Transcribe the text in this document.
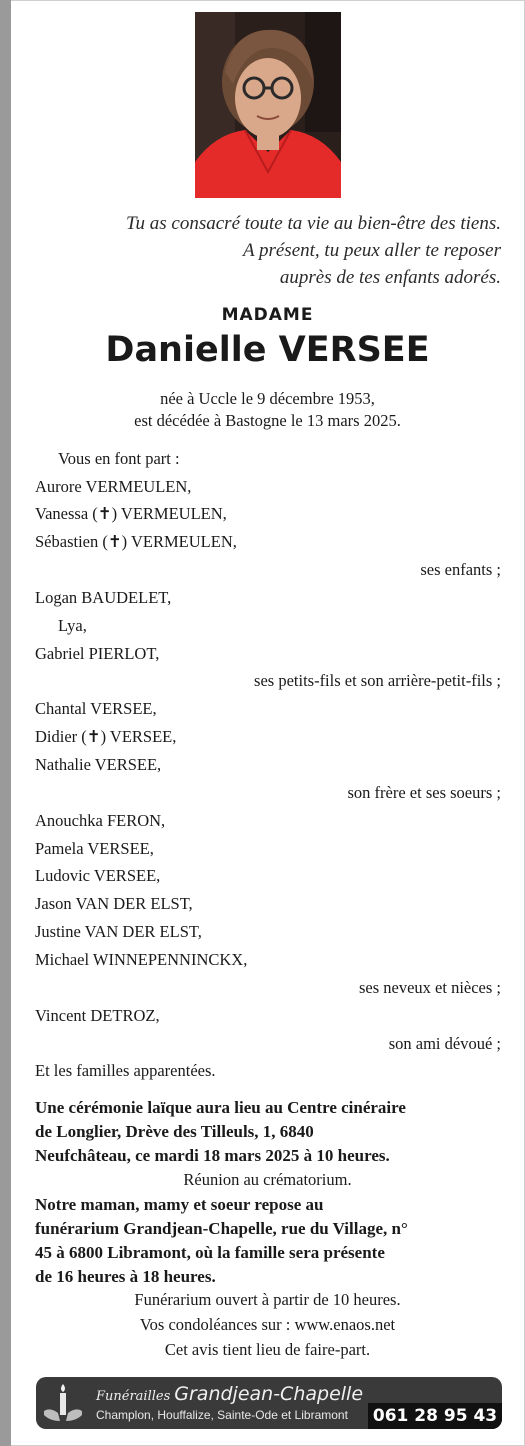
Tu as consacré toute ta vie au bien-être des tiens.
A présent, tu peux aller te reposer
auprès de tes enfants adorés.
MADAME
Danielle VERSEE
née à Uccle le 9 décembre 1953,
est décédée à Bastogne le 13 mars 2025.
Vous en font part :
Aurore VERMEULEN,
Vanessa (✝) VERMEULEN,
Sébastien (✝) VERMEULEN,
ses enfants ;
Logan BAUDELET,
Lya,
Gabriel PIERLOT,
ses petits-fils et son arrière-petit-fils ;
Chantal VERSEE,
Didier (✝) VERSEE,
Nathalie VERSEE,
son frère et ses soeurs ;
Anouchka FERON,
Pamela VERSEE,
Ludovic VERSEE,
Jason VAN DER ELST,
Justine VAN DER ELST,
Michael WINNEPENNINCKX,
ses neveux et nièces ;
Vincent DETROZ,
son ami dévoué ;
Et les familles apparentées.
Une cérémonie laïque aura lieu au Centre cinéraire
de Longlier, Drève des Tilleuls, 1, 6840
Neufchâteau, ce mardi 18 mars 2025 à 10 heures.
Réunion au crématorium.
Notre maman, mamy et soeur repose au
funérarium Grandjean-Chapelle, rue du Village, n°
45 à 6800 Libramont, où la famille sera présente
de 16 heures à 18 heures.
Funérarium ouvert à partir de 10 heures.
Vos condoléances sur : www.enaos.net
Cet avis tient lieu de faire-part.
Funérailles Grandjean-Chapelle
Champlon, Houffalize, Sainte-Ode et Libramont 061 28 95 43
